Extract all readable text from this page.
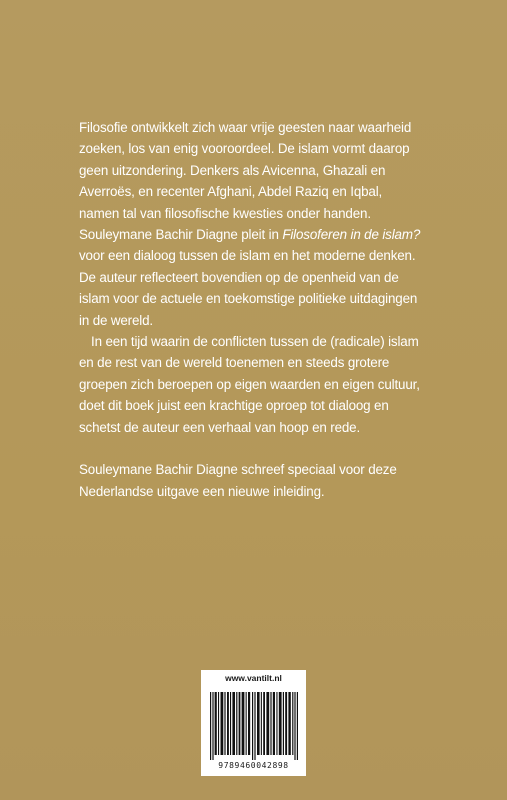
Filosofie ontwikkelt zich waar vrije geesten naar waarheid zoeken, los van enig vooroordeel. De islam vormt daarop geen uitzondering. Denkers als Avicenna, Ghazali en Averroës, en recenter Afghani, Abdel Raziq en Iqbal, namen tal van filosofische kwesties onder handen. Souleymane Bachir Diagne pleit in Filosoferen in de islam? voor een dialoog tussen de islam en het moderne denken. De auteur reflecteert bovendien op de openheid van de islam voor de actuele en toekomstige politieke uitdagingen in de wereld.

In een tijd waarin de conflicten tussen de (radicale) islam en de rest van de wereld toenemen en steeds grotere groepen zich beroepen op eigen waarden en eigen cultuur, doet dit boek juist een krachtige oproep tot dialoog en schetst de auteur een verhaal van hoop en rede.

Souleymane Bachir Diagne schreef speciaal voor deze Nederlandse uitgave een nieuwe inleiding.

www.vantilt.nl
9789460042898
